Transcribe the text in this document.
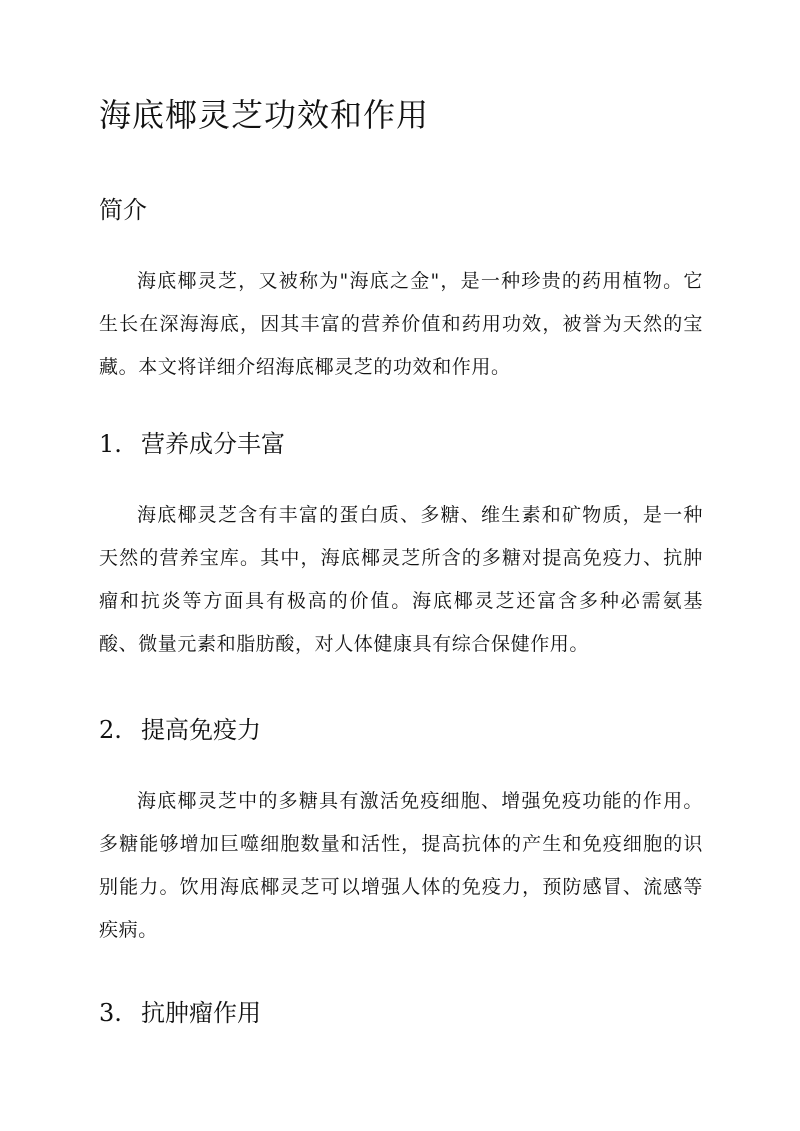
海底椰灵芝功效和作用
简介

海底椰灵芝，又被称为"海底之金"，是一种珍贵的药用植物。它生长在深海海底，因其丰富的营养价值和药用功效，被誉为天然的宝藏。本文将详细介绍海底椰灵芝的功效和作用。

1. 营养成分丰富

海底椰灵芝含有丰富的蛋白质、多糖、维生素和矿物质，是一种天然的营养宝库。其中，海底椰灵芝所含的多糖对提高免疫力、抗肿瘤和抗炎等方面具有极高的价值。海底椰灵芝还富含多种必需氨基酸、微量元素和脂肪酸，对人体健康具有综合保健作用。

2. 提高免疫力

海底椰灵芝中的多糖具有激活免疫细胞、增强免疫功能的作用。多糖能够增加巨噬细胞数量和活性，提高抗体的产生和免疫细胞的识别能力。饮用海底椰灵芝可以增强人体的免疫力，预防感冒、流感等疾病。

3. 抗肿瘤作用
